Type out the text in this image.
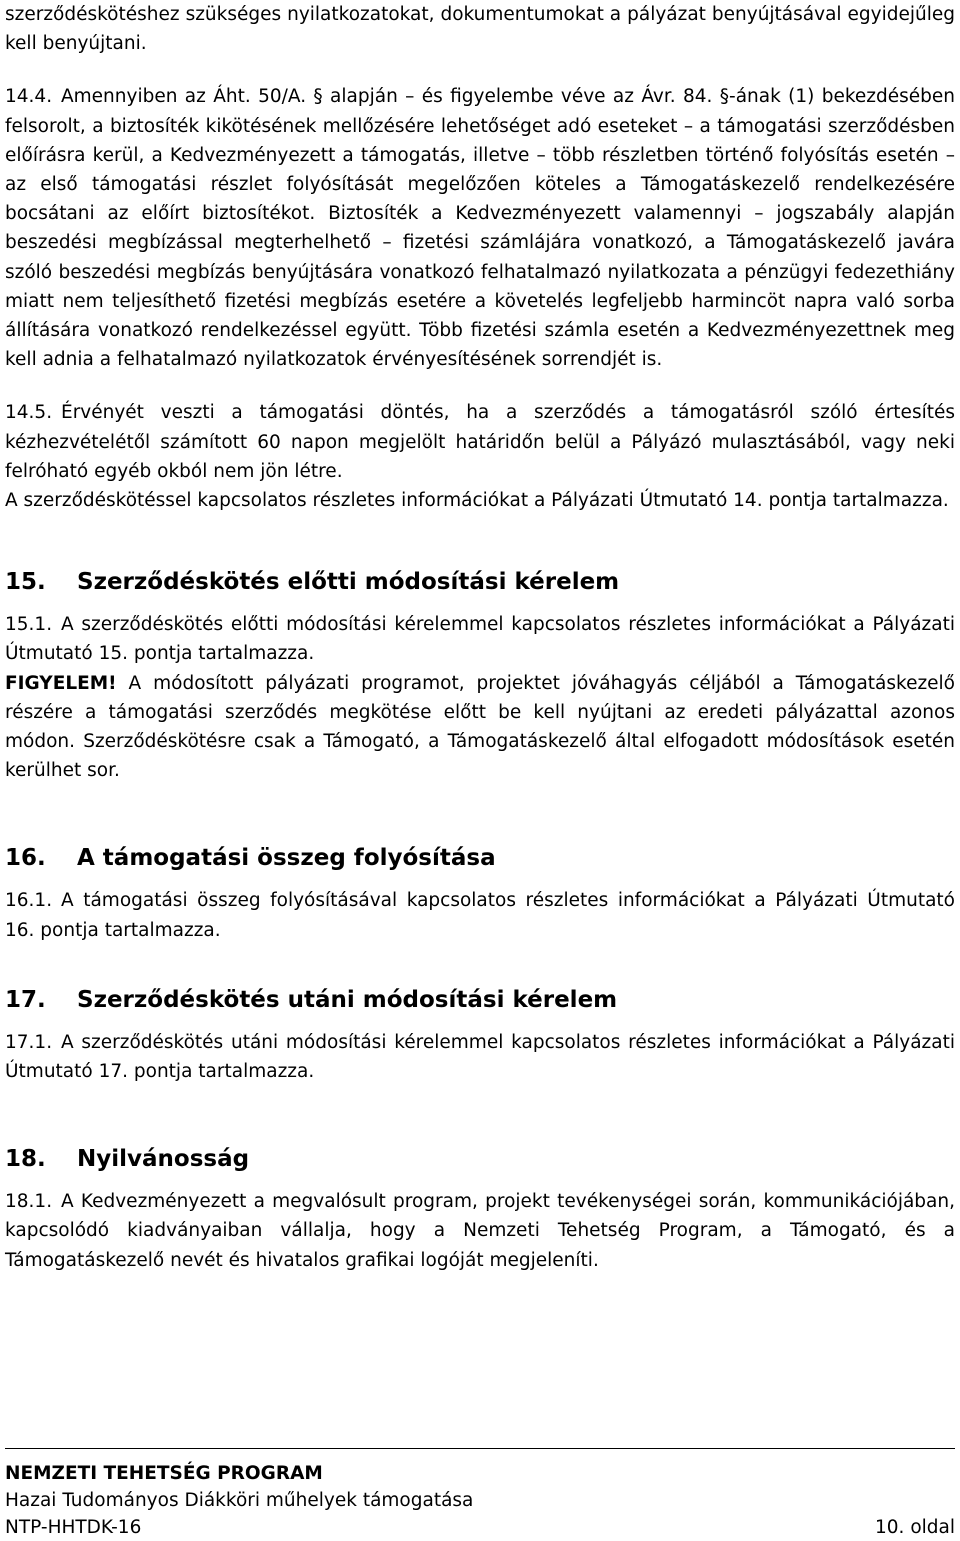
szerződéskötéshez szükséges nyilatkozatokat, dokumentumokat a pályázat benyújtásával egyidejűleg kell benyújtani.

14.4. Amennyiben az Áht. 50/A. § alapján – és figyelembe véve az Ávr. 84. §-ának (1) bekezdésében felsorolt, a biztosíték kikötésének mellőzésére lehetőséget adó eseteket – a támogatási szerződésben előírásra kerül, a Kedvezményezett a támogatás, illetve – több részletben történő folyósítás esetén – az első támogatási részlet folyósítását megelőzően köteles a Támogatáskezelő rendelkezésére bocsátani az előírt biztosítékot. Biztosíték a Kedvezményezett valamennyi – jogszabály alapján beszedési megbízással megterhelhető – fizetési számlájára vonatkozó, a Támogatáskezelő javára szóló beszedési megbízás benyújtására vonatkozó felhatalmazó nyilatkozata a pénzügyi fedezethiány miatt nem teljesíthető fizetési megbízás esetére a követelés legfeljebb harmincöt napra való sorba állítására vonatkozó rendelkezéssel együtt. Több fizetési számla esetén a Kedvezményezettnek meg kell adnia a felhatalmazó nyilatkozatok érvényesítésének sorrendjét is.

14.5. Érvényét veszti a támogatási döntés, ha a szerződés a támogatásról szóló értesítés kézhezvételétől számított 60 napon megjelölt határidőn belül a Pályázó mulasztásából, vagy neki felróható egyéb okból nem jön létre.

A szerződéskötéssel kapcsolatos részletes információkat a Pályázati Útmutató 14. pontja tartalmazza.

15.	Szerződéskötés előtti módosítási kérelem

15.1. A szerződéskötés előtti módosítási kérelemmel kapcsolatos részletes információkat a Pályázati Útmutató 15. pontja tartalmazza.

FIGYELEM! A módosított pályázati programot, projektet jóváhagyás céljából a Támogatáskezelő részére a támogatási szerződés megkötése előtt be kell nyújtani az eredeti pályázattal azonos módon. Szerződéskötésre csak a Támogató, a Támogatáskezelő által elfogadott módosítások esetén kerülhet sor.

16.	A támogatási összeg folyósítása

16.1. A támogatási összeg folyósításával kapcsolatos részletes információkat a Pályázati Útmutató 16. pontja tartalmazza.

17.	Szerződéskötés utáni módosítási kérelem

17.1. A szerződéskötés utáni módosítási kérelemmel kapcsolatos részletes információkat a Pályázati Útmutató 17. pontja tartalmazza.

18.	Nyilvánosság

18.1. A Kedvezményezett a megvalósult program, projekt tevékenységei során, kommunikációjában, kapcsolódó kiadványaiban vállalja, hogy a Nemzeti Tehetség Program, a Támogató, és a Támogatáskezelő nevét és hivatalos grafikai logóját megjeleníti.

NEMZETI TEHETSÉG PROGRAM
Hazai Tudományos Diákköri műhelyek támogatása
NTP-HHTDK-16	10. oldal
